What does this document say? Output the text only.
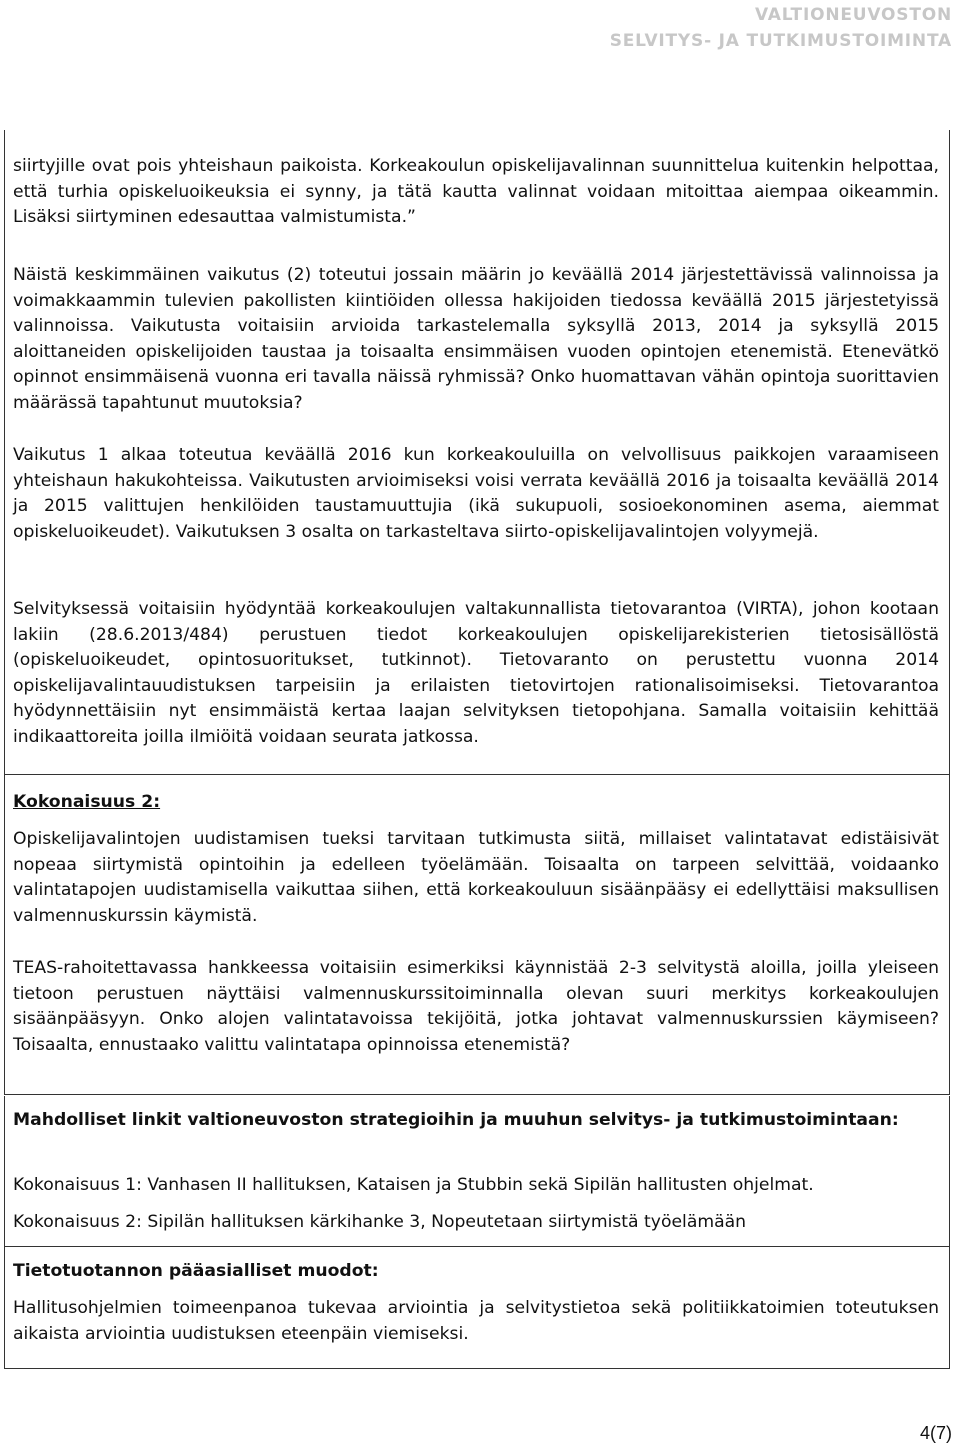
VALTIONEUVOSTON
SELVITYS- JA TUTKIMUSTOIMINTA

siirtyjille ovat pois yhteishaun paikoista. Korkeakoulun opiskelijavalinnan suunnittelua kuitenkin helpottaa, että turhia opiskeluoikeuksia ei synny, ja tätä kautta valinnat voidaan mitoittaa aiempaa oikeammin. Lisäksi siirtyminen edesauttaa valmistumista.”

Näistä keskimmäinen vaikutus (2) toteutui jossain määrin jo keväällä 2014 järjestettävissä valinnoissa ja voimakkaammin tulevien pakollisten kiintiöiden ollessa hakijoiden tiedossa keväällä 2015 järjestetyissä valinnoissa. Vaikutusta voitaisiin arvioida tarkastelemalla syksyllä 2013, 2014 ja syksyllä 2015 aloittaneiden opiskelijoiden taustaa ja toisaalta ensimmäisen vuoden opintojen etenemistä. Etenevätkö opinnot ensimmäisenä vuonna eri tavalla näissä ryhmissä? Onko huomattavan vähän opintoja suorittavien määrässä tapahtunut muutoksia?

Vaikutus 1 alkaa toteutua keväällä 2016 kun korkeakouluilla on velvollisuus paikkojen varaamiseen yhteishaun hakukohteissa. Vaikutusten arvioimiseksi voisi verrata keväällä 2016 ja toisaalta keväällä 2014 ja 2015 valittujen henkilöiden taustamuuttujia (ikä sukupuoli, sosioekonominen asema, aiemmat opiskeluoikeudet). Vaikutuksen 3 osalta on tarkasteltava siirto-opiskelijavalintojen volyymejä.

Selvityksessä voitaisiin hyödyntää korkeakoulujen valtakunnallista tietovarantoa (VIRTA), johon kootaan lakiin (28.6.2013/484) perustuen tiedot korkeakoulujen opiskelijarekisterien tietosisällöstä (opiskeluoikeudet, opintosuoritukset, tutkinnot). Tietovaranto on perustettu vuonna 2014 opiskelijavalintauudistuksen tarpeisiin ja erilaisten tietovirtojen rationalisoimiseksi. Tietovarantoa hyödynnettäisiin nyt ensimmäistä kertaa laajan selvityksen tietopohjana. Samalla voitaisiin kehittää indikaattoreita joilla ilmiöitä voidaan seurata jatkossa.

Kokonaisuus 2:

Opiskelijavalintojen uudistamisen tueksi tarvitaan tutkimusta siitä, millaiset valintatavat edistäisivät nopeaa siirtymistä opintoihin ja edelleen työelämään. Toisaalta on tarpeen selvittää, voidaanko valintatapojen uudistamisella vaikuttaa siihen, että korkeakouluun sisäänpääsy ei edellyttäisi maksullisen valmennuskurssin käymistä.

TEAS-rahoitettavassa hankkeessa voitaisiin esimerkiksi käynnistää 2-3 selvitystä aloilla, joilla yleiseen tietoon perustuen näyttäisi valmennuskurssitoiminnalla olevan suuri merkitys korkeakoulujen sisäänpääsyyn. Onko alojen valintatavoissa tekijöitä, jotka johtavat valmennuskurssien käymiseen? Toisaalta, ennustaako valittu valintatapa opinnoissa etenemistä?

Mahdolliset linkit valtioneuvoston strategioihin ja muuhun selvitys- ja tutkimustoimintaan:

Kokonaisuus 1: Vanhasen II hallituksen, Kataisen ja Stubbin sekä Sipilän hallitusten ohjelmat.

Kokonaisuus 2: Sipilän hallituksen kärkihanke 3, Nopeutetaan siirtymistä työelämään

Tietotuotannon pääasialliset muodot:

Hallitusohjelmien toimeenpanoa tukevaa arviointia ja selvitystietoa sekä politiikkatoimien toteutuksen aikaista arviointia uudistuksen eteenpäin viemiseksi.

4(7)
